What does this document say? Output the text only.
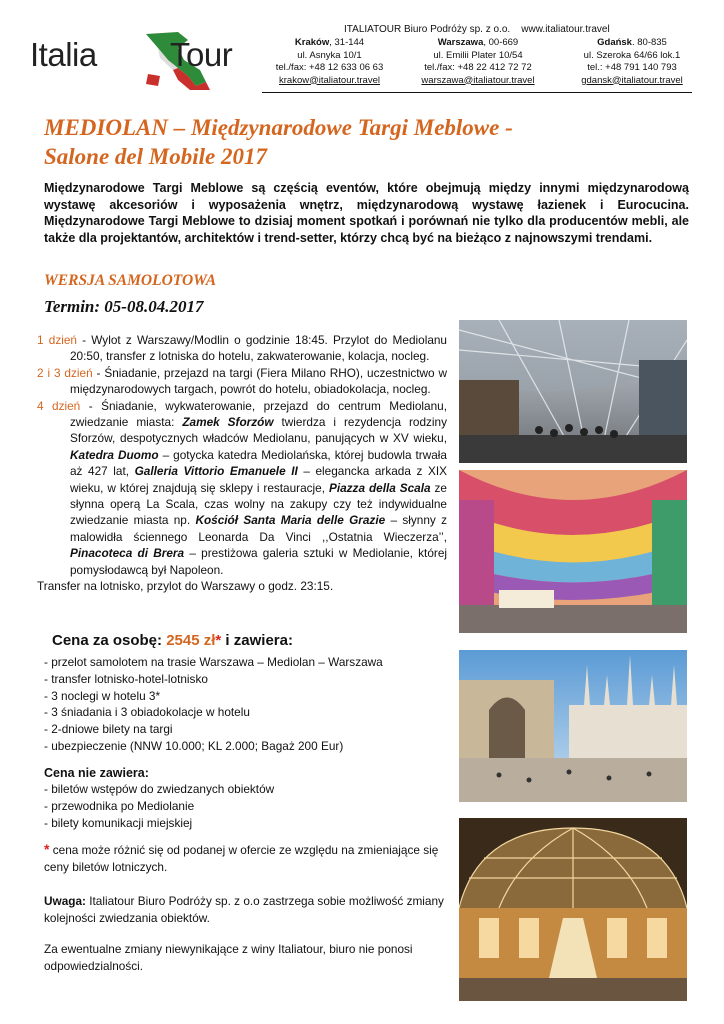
Italia Tour
ITALIATOUR Biuro Podróży sp. z o.o. www.italiatour.travel
Kraków, 31-144
ul. Asnyka 10/1
tel./fax: +48 12 633 06 63
krakow@italiatour.travel
Warszawa, 00-669
ul. Emilii Plater 10/54
tel./fax: +48 22 412 72 72
warszawa@italiatour.travel
Gdańsk. 80-835
ul. Szeroka 64/66 lok.1
tel.: +48 791 140 793
gdansk@italiatour.travel
MEDIOLAN – Międzynarodowe Targi Meblowe -
Salone del Mobile 2017
Międzynarodowe Targi Meblowe są częścią eventów, które obejmują między innymi międzynarodową wystawę akcesoriów i wyposażenia wnętrz, międzynarodową wystawę łazienek i Eurocucina. Międzynarodowe Targi Meblowe to dzisiaj moment spotkań i porównań nie tylko dla producentów mebli, ale także dla projektantów, architektów i trend-setter, którzy chcą być na bieżąco z najnowszymi trendami.
WERSJA SAMOLOTOWA
Termin: 05-08.04.2017

1 dzień - Wylot z Warszawy/Modlin o godzinie 18:45. Przylot do Mediolanu 20:50, transfer z lotniska do hotelu, zakwaterowanie, kolacja, nocleg.

2 i 3 dzień - Śniadanie, przejazd na targi (Fiera Milano RHO), uczestnictwo w międzynarodowych targach, powrót do hotelu, obiadokolacja, nocleg.

4 dzień - Śniadanie, wykwaterowanie, przejazd do centrum Mediolanu, zwiedzanie miasta: Zamek Sforzów twierdza i rezydencja rodziny Sforzów, despotycznych władców Mediolanu, panujących w XV wieku, Katedra Duomo – gotycka katedra Mediolańska, której budowla trwała aż 427 lat, Galleria Vittorio Emanuele II – elegancka arkada z XIX wieku, w której znajdują się sklepy i restauracje, Piazza della Scala ze słynna operą La Scala, czas wolny na zakupy czy też indywidualne zwiedzanie miasta np. Kościół Santa Maria delle Grazie – słynny z malowidła ściennego Leonarda Da Vinci ,,Ostatnia Wieczerza’’, Pinacoteca di Brera – prestiżowa galeria sztuki w Mediolanie, której pomysłodawcą był Napoleon.

Transfer na lotnisko, przylot do Warszawy o godz. 23:15.

Cena za osobę: 2545 zł* i zawiera:
- przelot samolotem na trasie Warszawa – Mediolan – Warszawa
- transfer lotnisko-hotel-lotnisko
- 3 noclegi w hotelu 3*
- 3 śniadania i 3 obiadokolacje w hotelu
- 2-dniowe bilety na targi
- ubezpieczenie (NNW 10.000; KL 2.000; Bagaż 200 Eur)
Cena nie zawiera:
- biletów wstępów do zwiedzanych obiektów
- przewodnika po Mediolanie
- bilety komunikacji miejskiej
* cena może różnić się od podanej w ofercie ze względu na zmieniające się ceny biletów lotniczych.
Uwaga: Italiatour Biuro Podróży sp. z o.o zastrzega sobie możliwość zmiany kolejności zwiedzania obiektów.
Za ewentualne zmiany niewynikające z winy Italiatour, biuro nie ponosi odpowiedzialności.
